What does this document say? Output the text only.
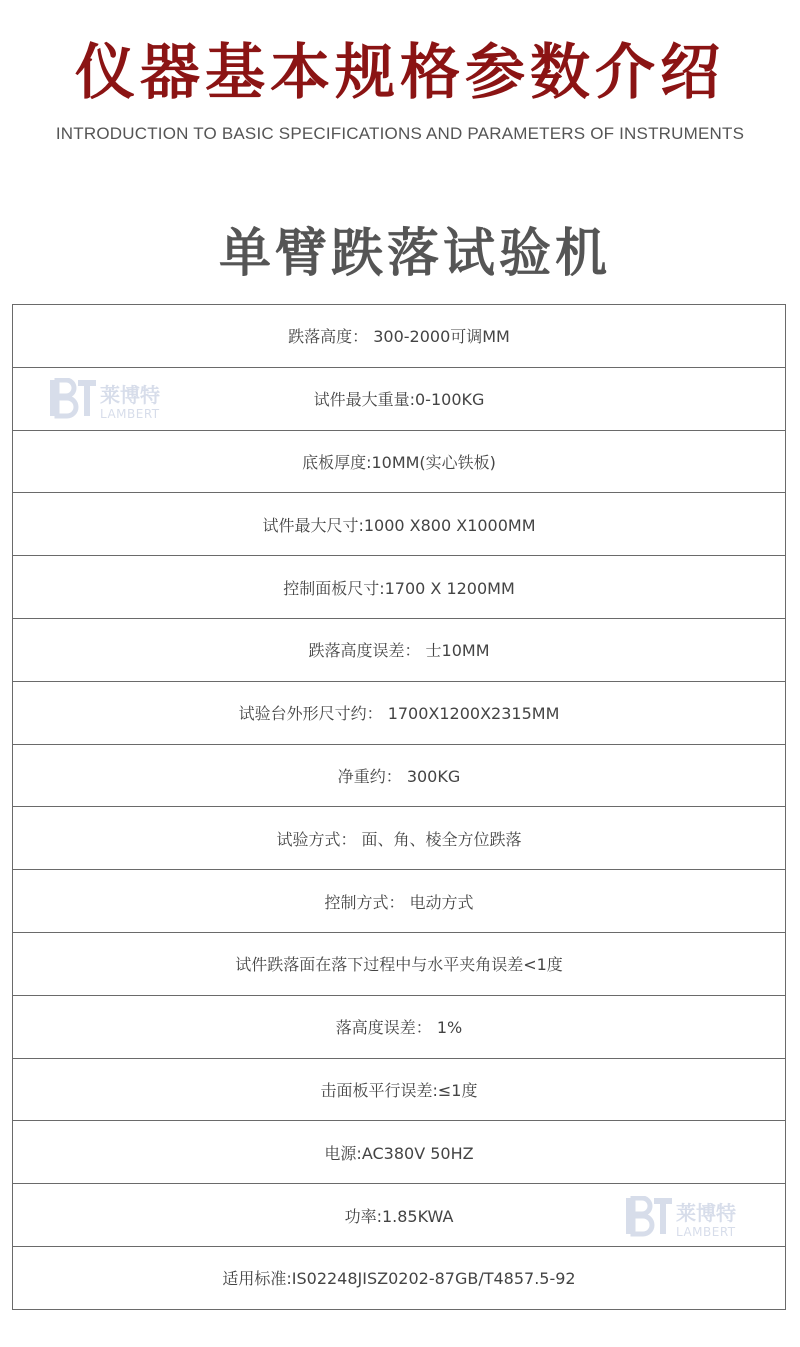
仪器基本规格参数介绍
INTRODUCTION TO BASIC SPECIFICATIONS AND PARAMETERS OF INSTRUMENTS
单臂跌落试验机
跌落高度： 300-2000可调MM
试件最大重量:0-100KG
底板厚度:10MM(实心铁板)
试件最大尺寸:1000 X800 X1000MM
控制面板尺寸:1700 X 1200MM
跌落高度误差： 士10MM
试验台外形尺寸约： 1700X1200X2315MM
净重约： 300KG
试验方式： 面、角、棱全方位跌落
控制方式： 电动方式
试件跌落面在落下过程中与水平夹角误差<1度
落高度误差： 1%
击面板平行误差:≤1度
电源:AC380V 50HZ
功率:1.85KWA
适用标准:IS02248JISZ0202-87GB/T4857.5-92
莱博特
LAMBERT
莱博特
LAMBERT
